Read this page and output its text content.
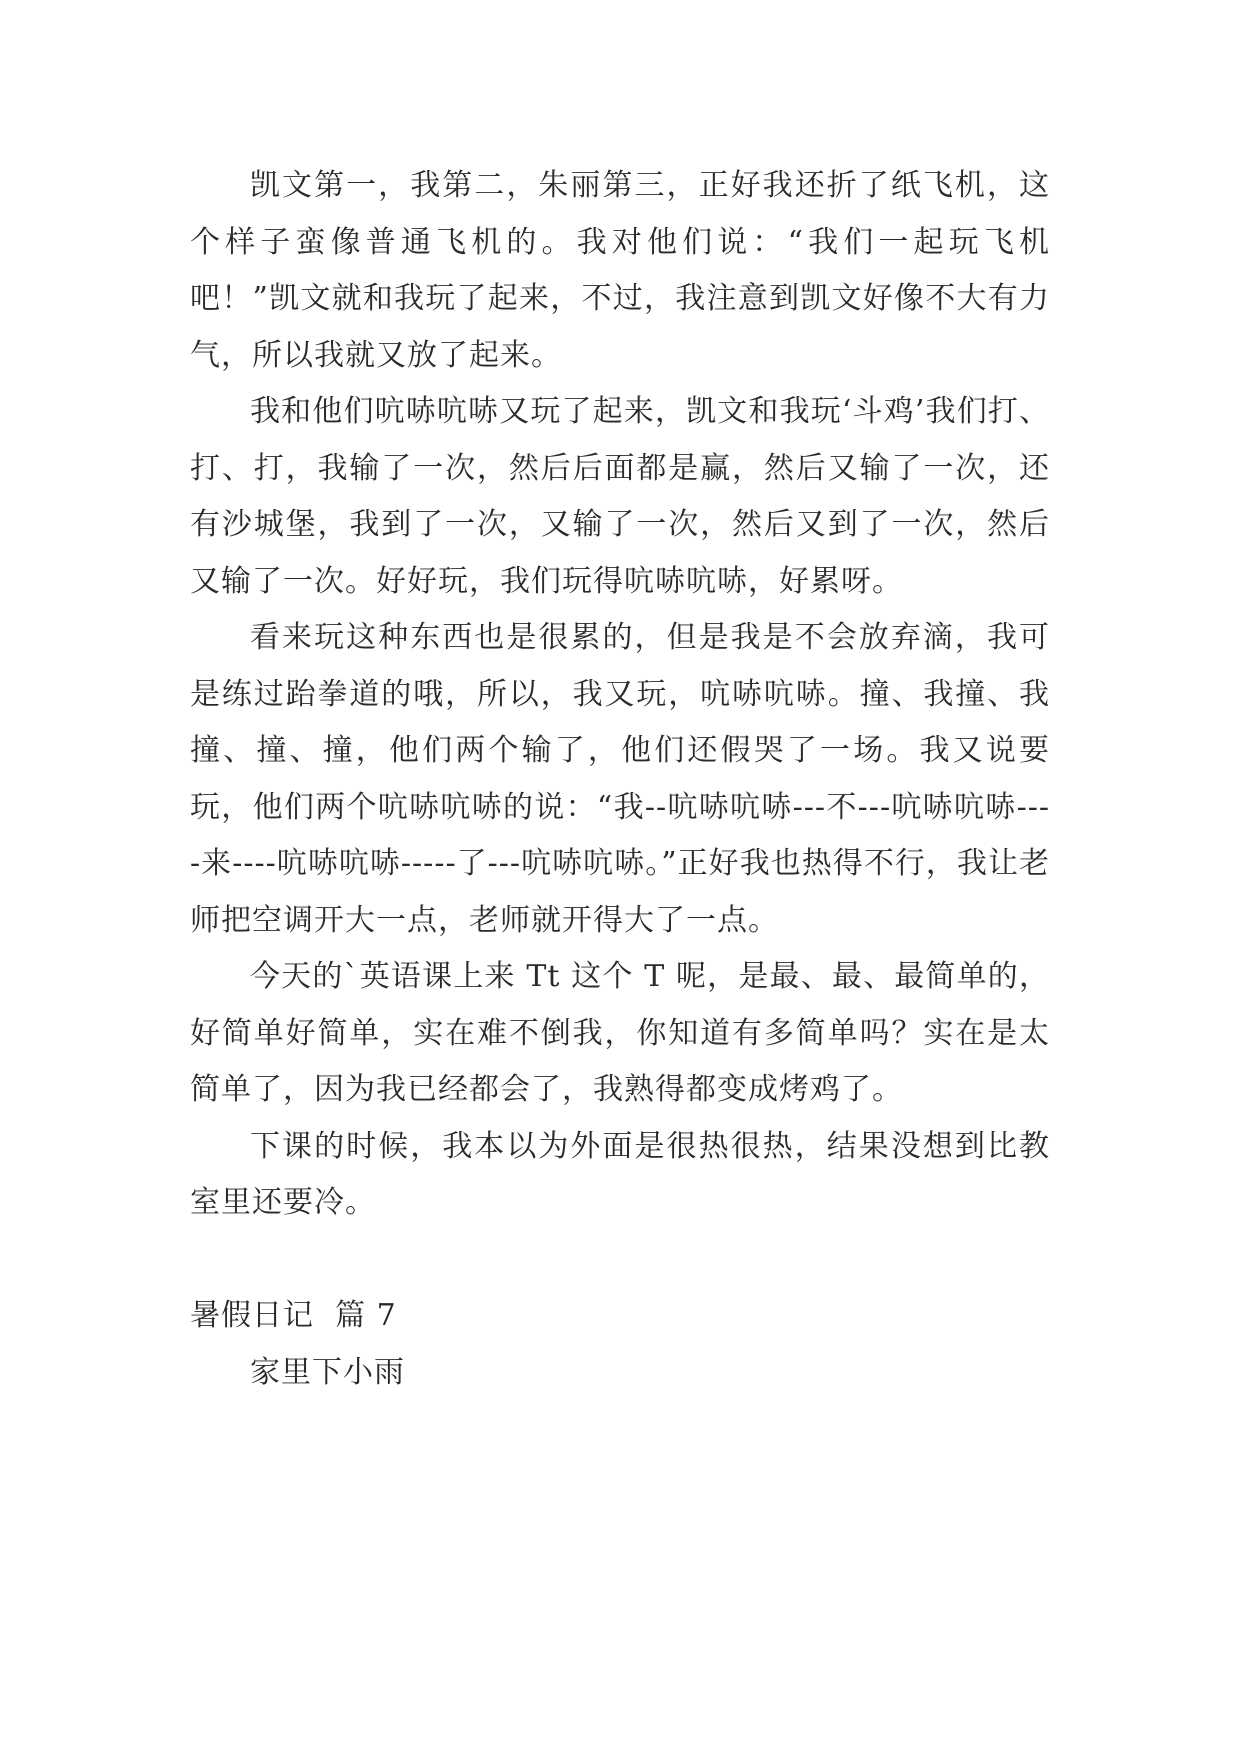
凯文第一，我第二，朱丽第三，正好我还折了纸飞机，这个样子蛮像普通飞机的。我对他们说：“我们一起玩飞机吧！”凯文就和我玩了起来，不过，我注意到凯文好像不大有力气，所以我就又放了起来。

我和他们吭哧吭哧又玩了起来，凯文和我玩‘斗鸡’我们打、打、打，我输了一次，然后后面都是赢，然后又输了一次，还有沙城堡，我到了一次，又输了一次，然后又到了一次，然后又输了一次。好好玩，我们玩得吭哧吭哧，好累呀。

看来玩这种东西也是很累的，但是我是不会放弃滴，我可是练过跆拳道的哦，所以，我又玩，吭哧吭哧。撞、我撞、我撞、撞、撞，他们两个输了，他们还假哭了一场。我又说要玩，他们两个吭哧吭哧的说：“我--吭哧吭哧---不---吭哧吭哧----来----吭哧吭哧-----了---吭哧吭哧。”正好我也热得不行，我让老师把空调开大一点，老师就开得大了一点。

今天的`英语课上来 Tt 这个 T 呢，是最、最、最简单的，好简单好简单，实在难不倒我，你知道有多简单吗？实在是太简单了，因为我已经都会了，我熟得都变成烤鸡了。

下课的时候，我本以为外面是很热很热，结果没想到比教室里还要冷。

暑假日记  篇 7

家里下小雨
